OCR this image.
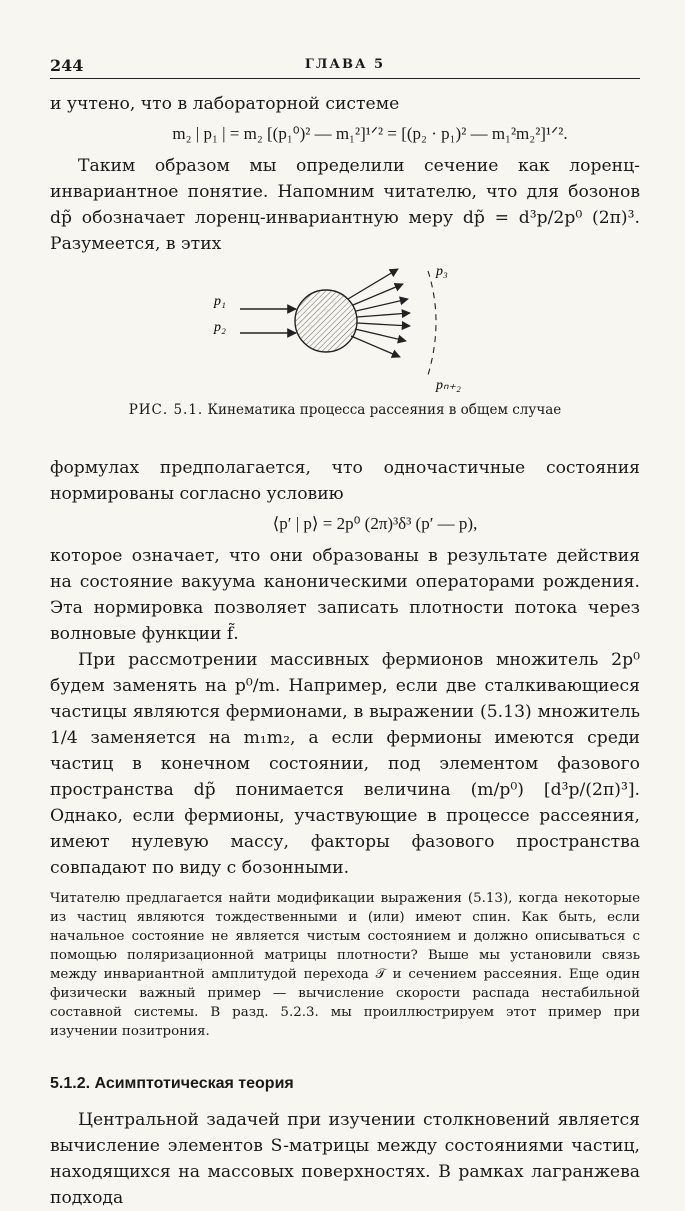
244	ГЛАВА 5

и учтено, что в лабораторной системе

m₂ | p₁ | = m₂ [(p₁⁰)² — m₁²]¹ᐟ² = [(p₂ · p₁)² — m₁²m₂²]¹ᐟ².

Таким образом мы определили сечение как лоренц-инвариантное понятие. Напомним читателю, что для бозонов dp̃ обозначает лоренц-инвариантную меру dp̃ = d³p/2p⁰ (2π)³. Разумеется, в этих

p₁
p₂
p₃
pₙ₊₂
РИС. 5.1. Кинематика процесса рассеяния в общем случае

формулах предполагается, что одночастичные состояния нормированы согласно условию

⟨p′ | p⟩ = 2p⁰ (2π)³δ³ (p′ — p),

которое означает, что они образованы в результате действия на состояние вакуума каноническими операторами рождения. Эта нормировка позволяет записать плотности потока через волновые функции f̃.

При рассмотрении массивных фермионов множитель 2p⁰ будем заменять на p⁰/m. Например, если две сталкивающиеся частицы являются фермионами, в выражении (5.13) множитель 1/4 заменяется на m₁m₂, а если фермионы имеются среди частиц в конечном состоянии, под элементом фазового пространства dp̃ понимается величина (m/p⁰) [d³p/(2π)³]. Однако, если фермионы, участвующие в процессе рассеяния, имеют нулевую массу, факторы фазового пространства совпадают по виду с бозонными.

Читателю предлагается найти модификации выражения (5.13), когда некоторые из частиц являются тождественными и (или) имеют спин. Как быть, если начальное состояние не является чистым состоянием и должно описываться с помощью поляризационной матрицы плотности? Выше мы установили связь между инвариантной амплитудой перехода 𝒯 и сечением рассеяния. Еще один физически важный пример — вычисление скорости распада нестабильной составной системы. В разд. 5.2.3. мы проиллюстрируем этот пример при изучении позитрония.

5.1.2. Асимптотическая теория

Центральной задачей при изучении столкновений является вычисление элементов S-матрицы между состояниями частиц, находящихся на массовых поверхностях. В рамках лагранжева подхода
